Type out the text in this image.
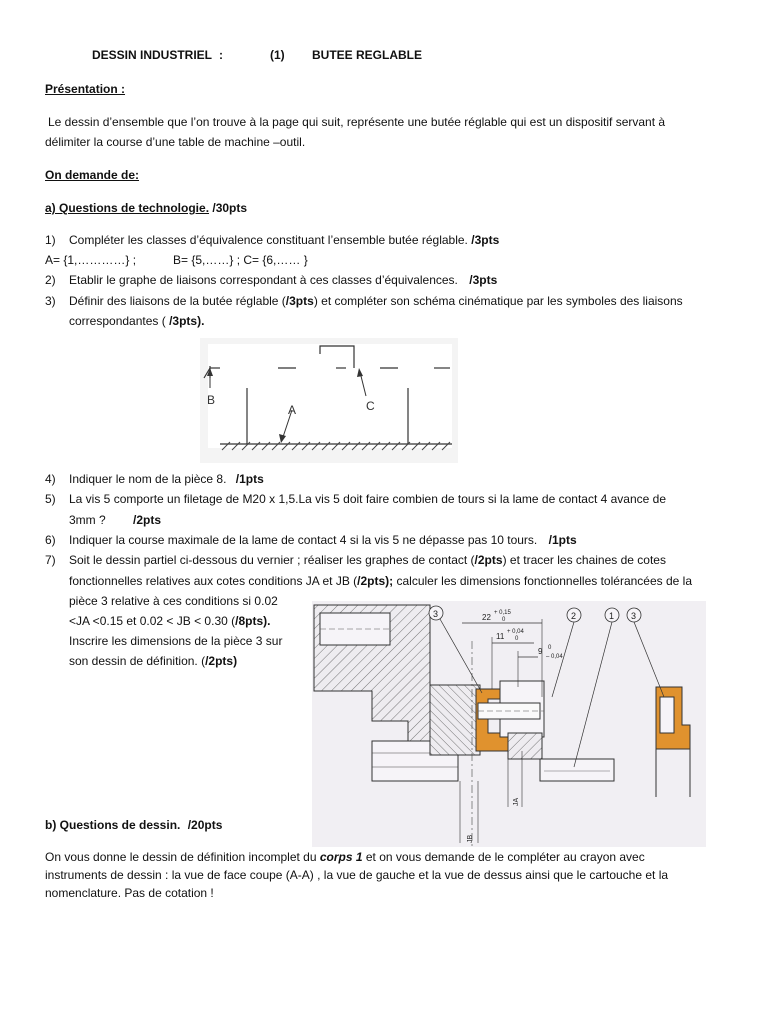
DESSIN INDUSTRIEL :	(1) BUTEE REGLABLE
Présentation :
Le dessin d’ensemble que l’on trouve à la page qui suit, représente une butée réglable qui est un dispositif servant à
délimiter la course d’une table de machine –outil.
On demande de:
a) Questions de technologie. /30pts
1) Compléter les classes d’équivalence constituant l’ensemble butée réglable. /3pts
A= {1,…………} ;	B= {5,……} ; C= {6,…… }
2) Etablir le graphe de liaisons correspondant à ces classes d’équivalences. /3pts
3) Définir des liaisons de la butée réglable (/3pts) et compléter son schéma cinématique par les symboles des liaisons
correspondantes ( /3pts).
B
A	C
4) Indiquer le nom de la pièce 8. /1pts
5) La vis 5 comporte un filetage de M20 x 1,5.La vis 5 doit faire combien de tours si la lame de contact 4 avance de
3mm ? /2pts
6) Indiquer la course maximale de la lame de contact 4 si la vis 5 ne dépasse pas 10 tours. /1pts
7) Soit le dessin partiel ci-dessous du vernier ; réaliser les graphes de contact (/2pts) et tracer les chaines de cotes
fonctionnelles relatives aux cotes conditions JA et JB (/2pts); calculer les dimensions fonctionnelles tolérancées de la
pièce 3 relative à ces conditions si 0.02
<JA <0.15 et 0.02 < JB < 0.30 (/8pts).
Inscrire les dimensions de la pièce 3 sur
son dessin de définition. (/2pts)
3	2	1 3
22 + 0,15
0
11 + 0,04
0
9 0
– 0,04
JA
JB
b) Questions de dessin. /20pts
On vous donne le dessin de définition incomplet du corps 1 et on vous demande de le compléter au crayon avec
instruments de dessin : la vue de face coupe (A-A) , la vue de gauche et la vue de dessus ainsi que le cartouche et la
nomenclature. Pas de cotation !
